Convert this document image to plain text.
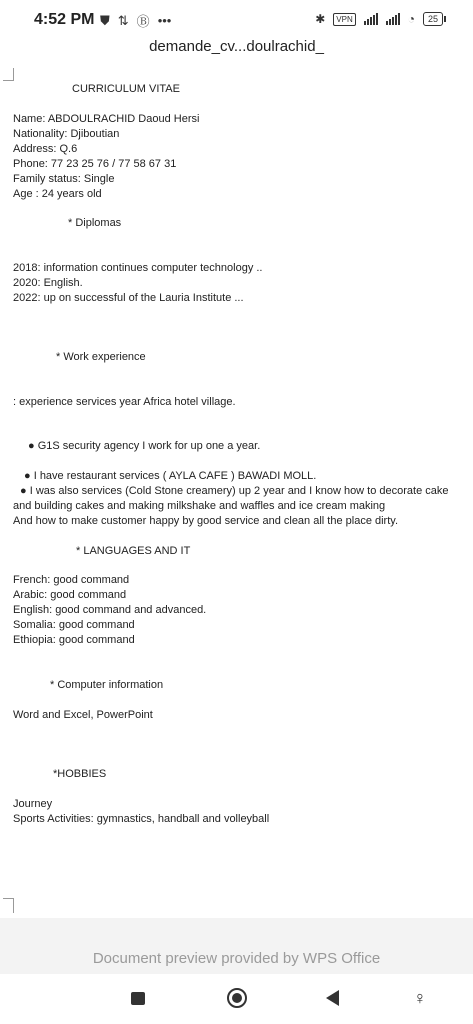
4:52 PM ⛊ ⇅ Ⓑ •••	✱	VPN	◔	25
demande_cv...doulrachid_
CURRICULUM VITAE
Name: ABDOULRACHID Daoud Hersi
Nationality: Djiboutian
Address: Q.6
Phone: 77 23 25 76 / 77 58 67 31
Family status: Single
Age : 24 years old
* Diplomas
2018: information continues computer technology ..
2020: English.
2022: up on successful of the Lauria Institute ...
* Work experience
: experience services year Africa hotel village.
● G1S security agency I work for up one a year.
● I have restaurant services ( AYLA CAFE ) BAWADI MOLL.
● I was also services (Cold Stone creamery) up 2 year and I know how to decorate cake
and building cakes and making milkshake and waffles and ice cream making
And how to make customer happy by good service and clean all the place dirty.
* LANGUAGES AND IT
French: good command
Arabic: good command
English: good command and advanced.
Somalia: good command
Ethiopia: good command
* Computer information
Word and Excel, PowerPoint
*HOBBIES
Journey
Sports Activities: gymnastics, handball and volleyball
Document preview provided by WPS Office
♀
